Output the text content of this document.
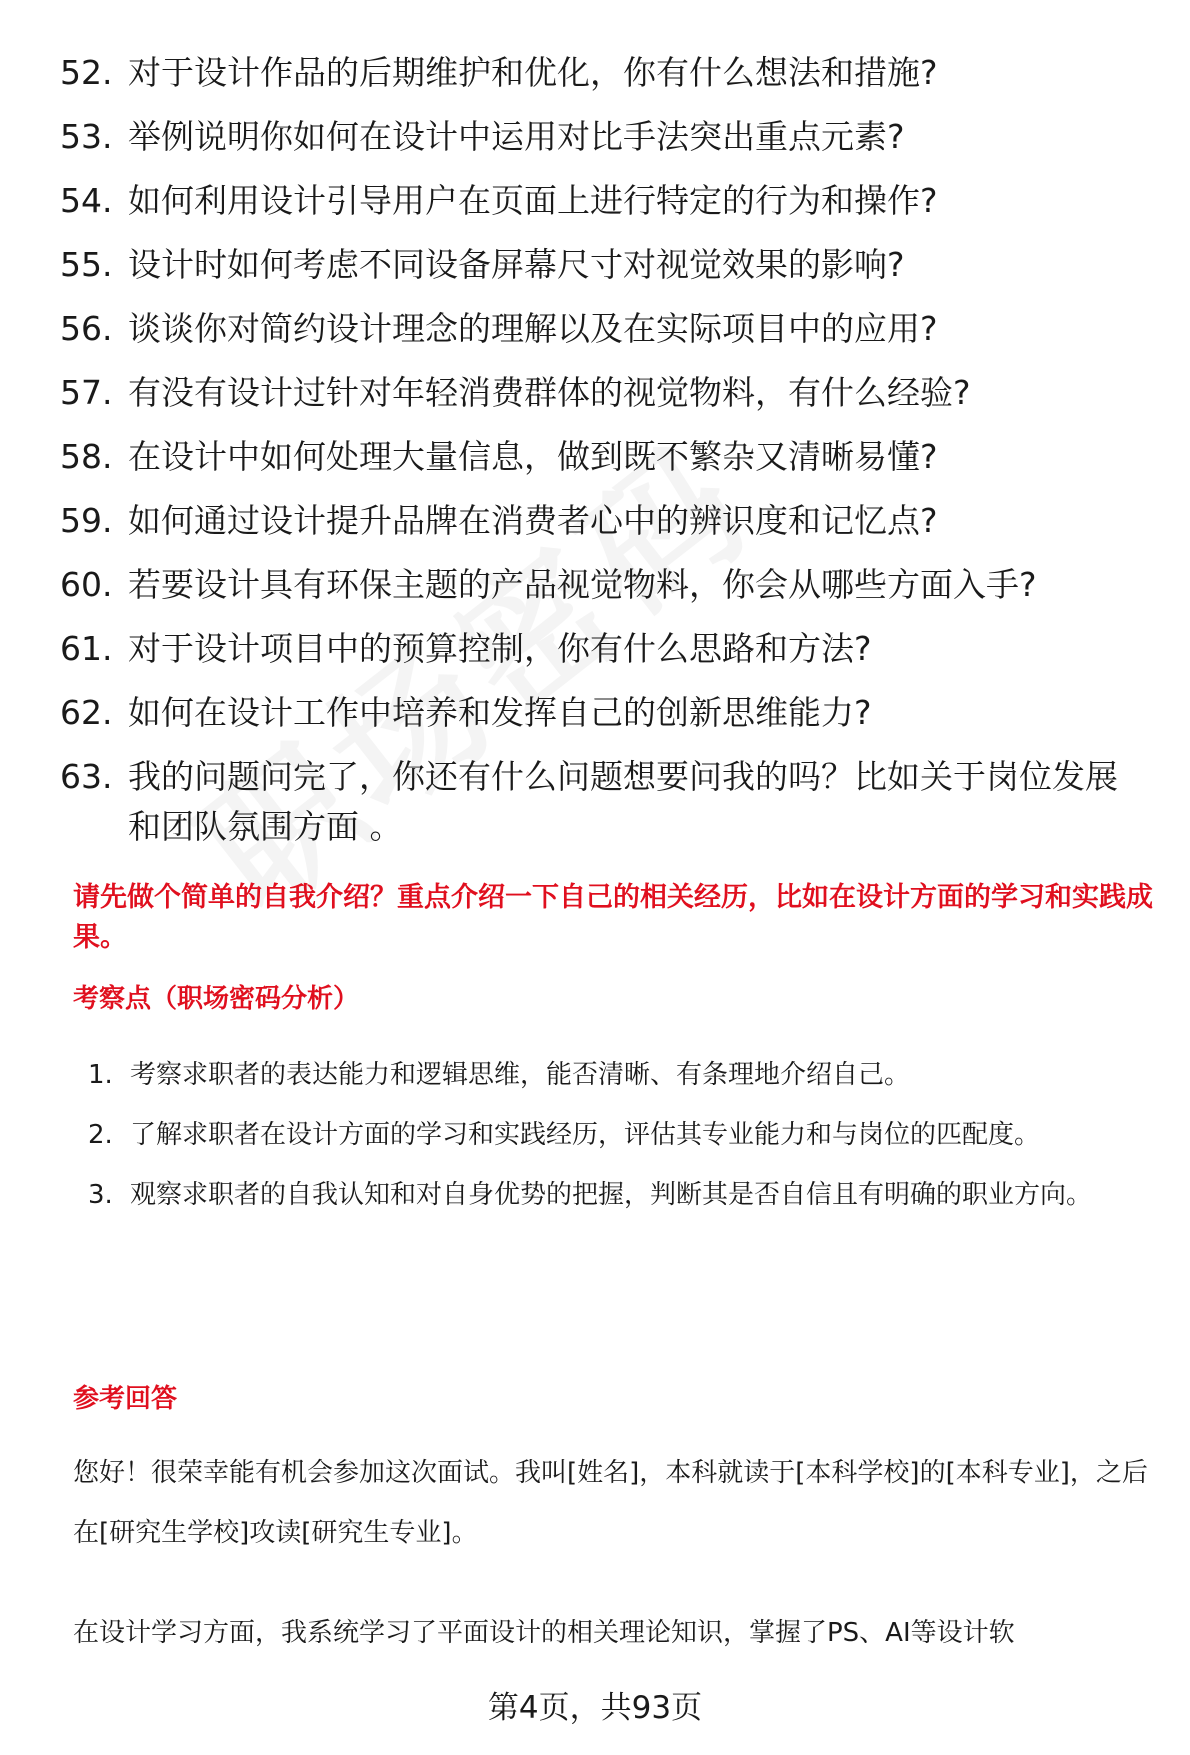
52. 对于设计作品的后期维护和优化，你有什么想法和措施?
53. 举例说明你如何在设计中运用对比手法突出重点元素?
54. 如何利用设计引导用户在页面上进行特定的行为和操作?
55. 设计时如何考虑不同设备屏幕尺寸对视觉效果的影响?
56. 谈谈你对简约设计理念的理解以及在实际项目中的应用?
57. 有没有设计过针对年轻消费群体的视觉物料，有什么经验?
58. 在设计中如何处理大量信息，做到既不繁杂又清晰易懂?
59. 如何通过设计提升品牌在消费者心中的辨识度和记忆点?
60. 若要设计具有环保主题的产品视觉物料，你会从哪些方面入手?
61. 对于设计项目中的预算控制，你有什么思路和方法?
62. 如何在设计工作中培养和发挥自己的创新思维能力?
63. 我的问题问完了，你还有什么问题想要问我的吗？比如关于岗位发展和团队氛围方面 。
请先做个简单的自我介绍？重点介绍一下自己的相关经历，比如在设计方面的学习和实践成果。
考察点（职场密码分析）
1. 考察求职者的表达能力和逻辑思维，能否清晰、有条理地介绍自己。
2. 了解求职者在设计方面的学习和实践经历，评估其专业能力和与岗位的匹配度。
3. 观察求职者的自我认知和对自身优势的把握，判断其是否自信且有明确的职业方向。
参考回答
您好！很荣幸能有机会参加这次面试。我叫[姓名]，本科就读于[本科学校]的[本科专业]，之后在[研究生学校]攻读[研究生专业]。
在设计学习方面，我系统学习了平面设计的相关理论知识，掌握了PS、AI等设计软
第4页，共93页
